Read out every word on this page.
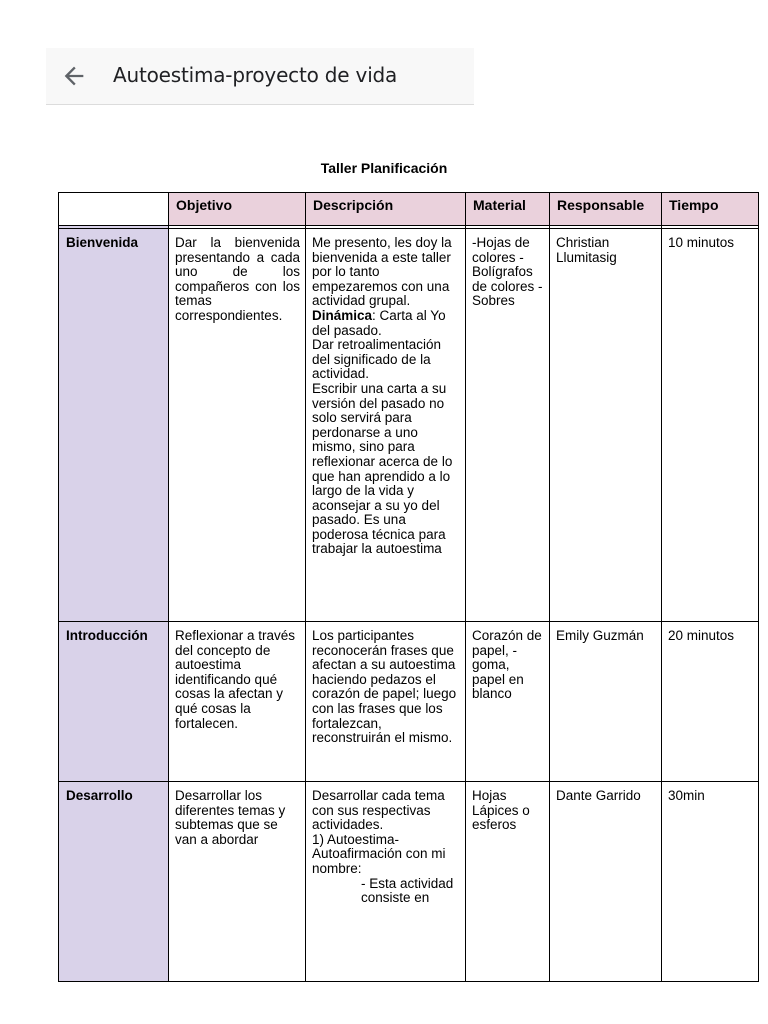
Autoestima-proyecto de vida
Taller Planificación
	Objetivo	Descripción	Material	Responsable	Tiempo

Bienvenida	Dar la bienvenida presentando a cada uno de los compañeros con los temas correspondientes.	Me presento, les doy la bienvenida a este taller por lo tanto empezaremos con una actividad grupal.
Dinámica: Carta al Yo del pasado.
Dar retroalimentación del significado de la actividad.
Escribir una carta a su versión del pasado no solo servirá para perdonarse a uno mismo, sino para reflexionar acerca de lo que han aprendido a lo largo de la vida y aconsejar a su yo del pasado. Es una poderosa técnica para trabajar la autoestima	-Hojas de colores - Bolígrafos de colores - Sobres	Christian Llumitasig	10 minutos
Introducción	Reflexionar a través del concepto de autoestima identificando qué cosas la afectan y qué cosas la fortalecen.	Los participantes reconocerán frases que afectan a su autoestima haciendo pedazos el corazón de papel; luego con las frases que los fortalezcan, reconstruirán el mismo.	Corazón de papel, - goma, papel en blanco	Emily Guzmán	20 minutos
Desarrollo	Desarrollar los diferentes temas y subtemas que se van a abordar	Desarrollar cada tema con sus respectivas actividades.
1) Autoestima- Autoafirmación con mi nombre:

- Esta actividad consiste en	Hojas Lápices o esferos	Dante Garrido	30min
